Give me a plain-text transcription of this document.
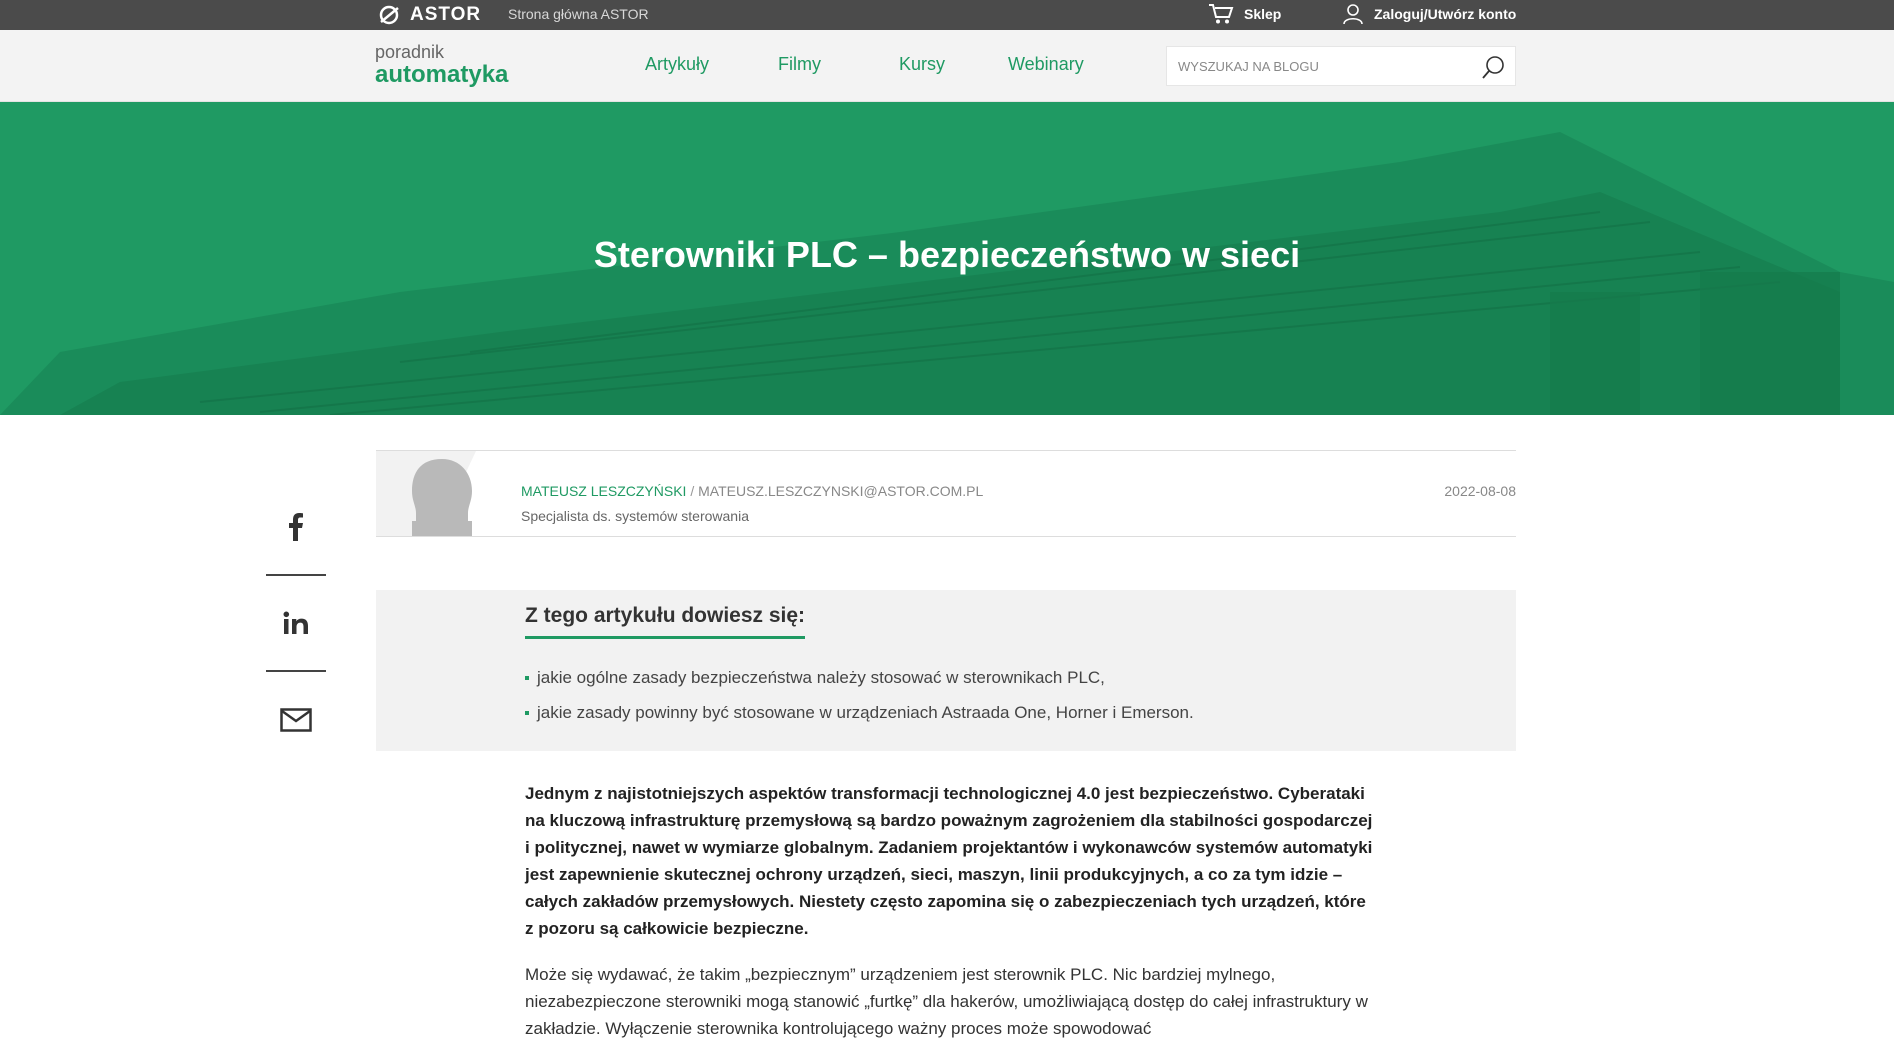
ASTOR Strona główna ASTOR	Sklep	Zaloguj/Utwórz konto
poradnik
automatyka	Artykuły	Filmy	Kursy	Webinary
WYSZUKAJ NA BLOGU
Sterowniki PLC – bezpieczeństwo w sieci
MATEUSZ LESZCZYŃSKI / MATEUSZ.LESZCZYNSKI@ASTOR.COM.PL
Specjalista ds. systemów sterowania
2022-08-08
Z tego artykułu dowiesz się:
jakie ogólne zasady bezpieczeństwa należy stosować w sterownikach PLC,
jakie zasady powinny być stosowane w urządzeniach Astraada One, Horner i Emerson.

Jednym z najistotniejszych aspektów transformacji technologicznej 4.0 jest bezpieczeństwo. Cyberataki na kluczową infrastrukturę przemysłową są bardzo poważnym zagrożeniem dla stabilności gospodarczej i politycznej, nawet w wymiarze globalnym. Zadaniem projektantów i wykonawców systemów automatyki jest zapewnienie skutecznej ochrony urządzeń, sieci, maszyn, linii produkcyjnych, a co za tym idzie – całych zakładów przemysłowych. Niestety często zapomina się o zabezpieczeniach tych urządzeń, które z pozoru są całkowicie bezpieczne.

Może się wydawać, że takim „bezpiecznym” urządzeniem jest sterownik PLC. Nic bardziej mylnego, niezabezpieczone sterowniki mogą stanowić „furtkę” dla hakerów, umożliwiającą dostęp do całej infrastruktury w zakładzie. Wyłączenie sterownika kontrolującego ważny proces może spowodować
